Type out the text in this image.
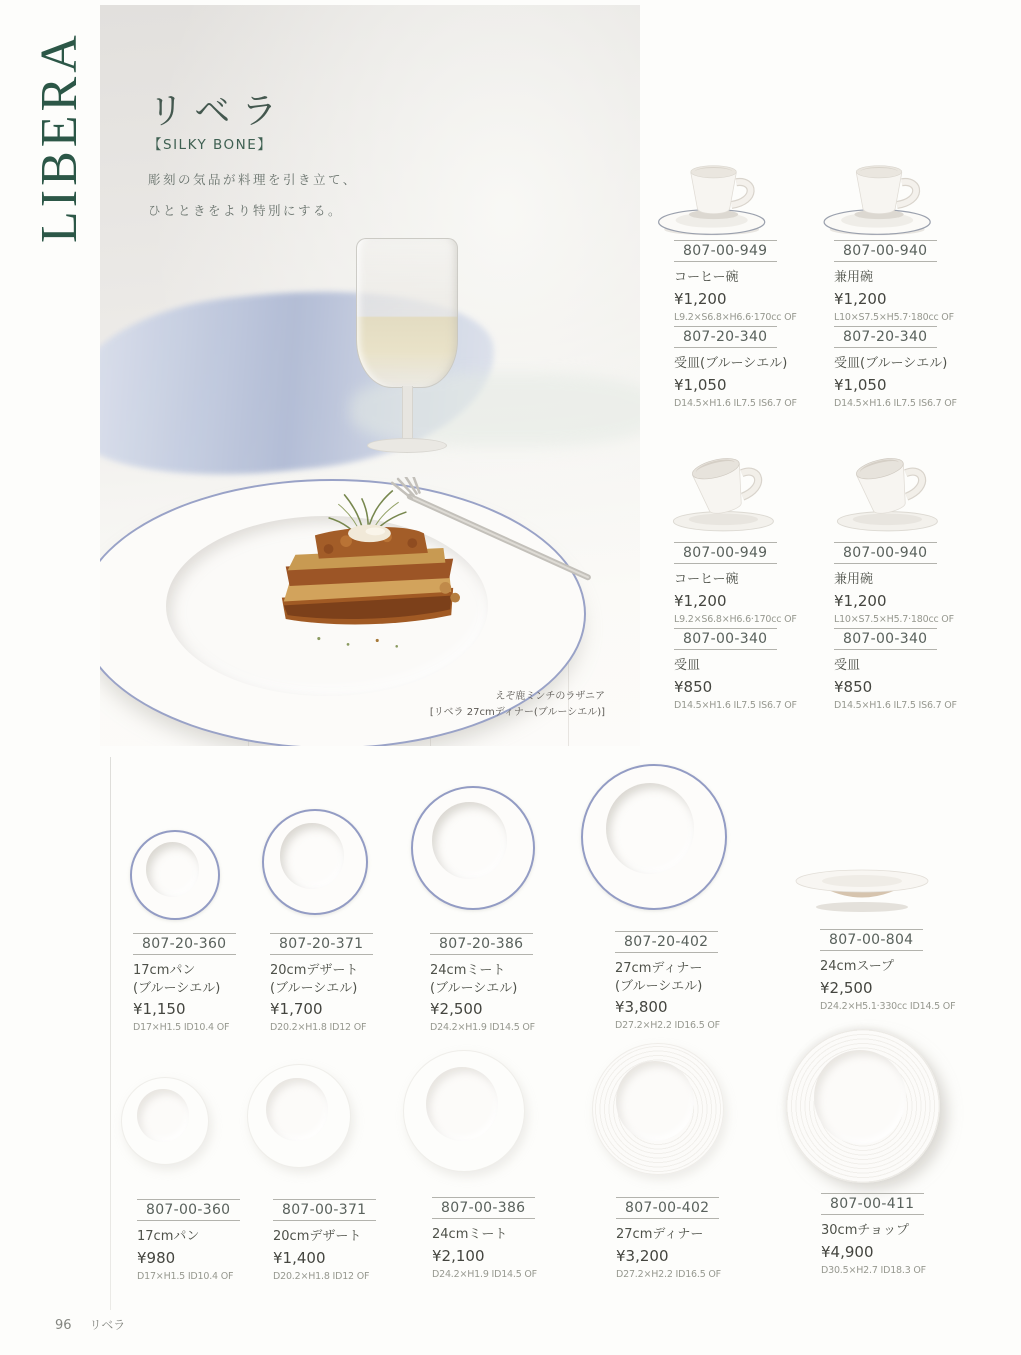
LIBERA リベラ
【SILKY BONE】
彫刻の気品が料理を引き立て、
ひとときをより特別にする。
えぞ鹿ミンチのラザニア
[リベラ 27cmディナー(ブルーシエル)]
807-00-949
コーヒー碗
¥1,200
L9.2×S6.8×H6.6·170cc OF
807-00-940
兼用碗
¥1,200
L10×S7.5×H5.7·180cc OF
807-20-340
受皿(ブルーシエル)
¥1,050
D14.5×H1.6 IL7.5 IS6.7 OF
807-20-340
受皿(ブルーシエル)
¥1,050
D14.5×H1.6 IL7.5 IS6.7 OF
807-00-949
コーヒー碗
¥1,200
L9.2×S6.8×H6.6·170cc OF
807-00-940
兼用碗
¥1,200
L10×S7.5×H5.7·180cc OF
807-00-340
受皿
¥850
D14.5×H1.6 IL7.5 IS6.7 OF
807-00-340
受皿
¥850
D14.5×H1.6 IL7.5 IS6.7 OF
807-20-360
17cmパン
(ブルーシエル)
¥1,150
D17×H1.5 ID10.4 OF
807-20-371
20cmデザート
(ブルーシエル)
¥1,700
D20.2×H1.8 ID12 OF
807-20-386
24cmミート
(ブルーシエル)
¥2,500
D24.2×H1.9 ID14.5 OF
807-20-402
27cmディナー
(ブルーシエル)
¥3,800
D27.2×H2.2 ID16.5 OF
807-00-804
24cmスープ
¥2,500
D24.2×H5.1·330cc ID14.5 OF
807-00-360
17cmパン
¥980
D17×H1.5 ID10.4 OF
807-00-371
20cmデザート
¥1,400
D20.2×H1.8 ID12 OF
807-00-386
24cmミート
¥2,100
D24.2×H1.9 ID14.5 OF
807-00-402
27cmディナー
¥3,200
D27.2×H2.2 ID16.5 OF
807-00-411
30cmチョップ
¥4,900
D30.5×H2.7 ID18.3 OF
96 リベラ
